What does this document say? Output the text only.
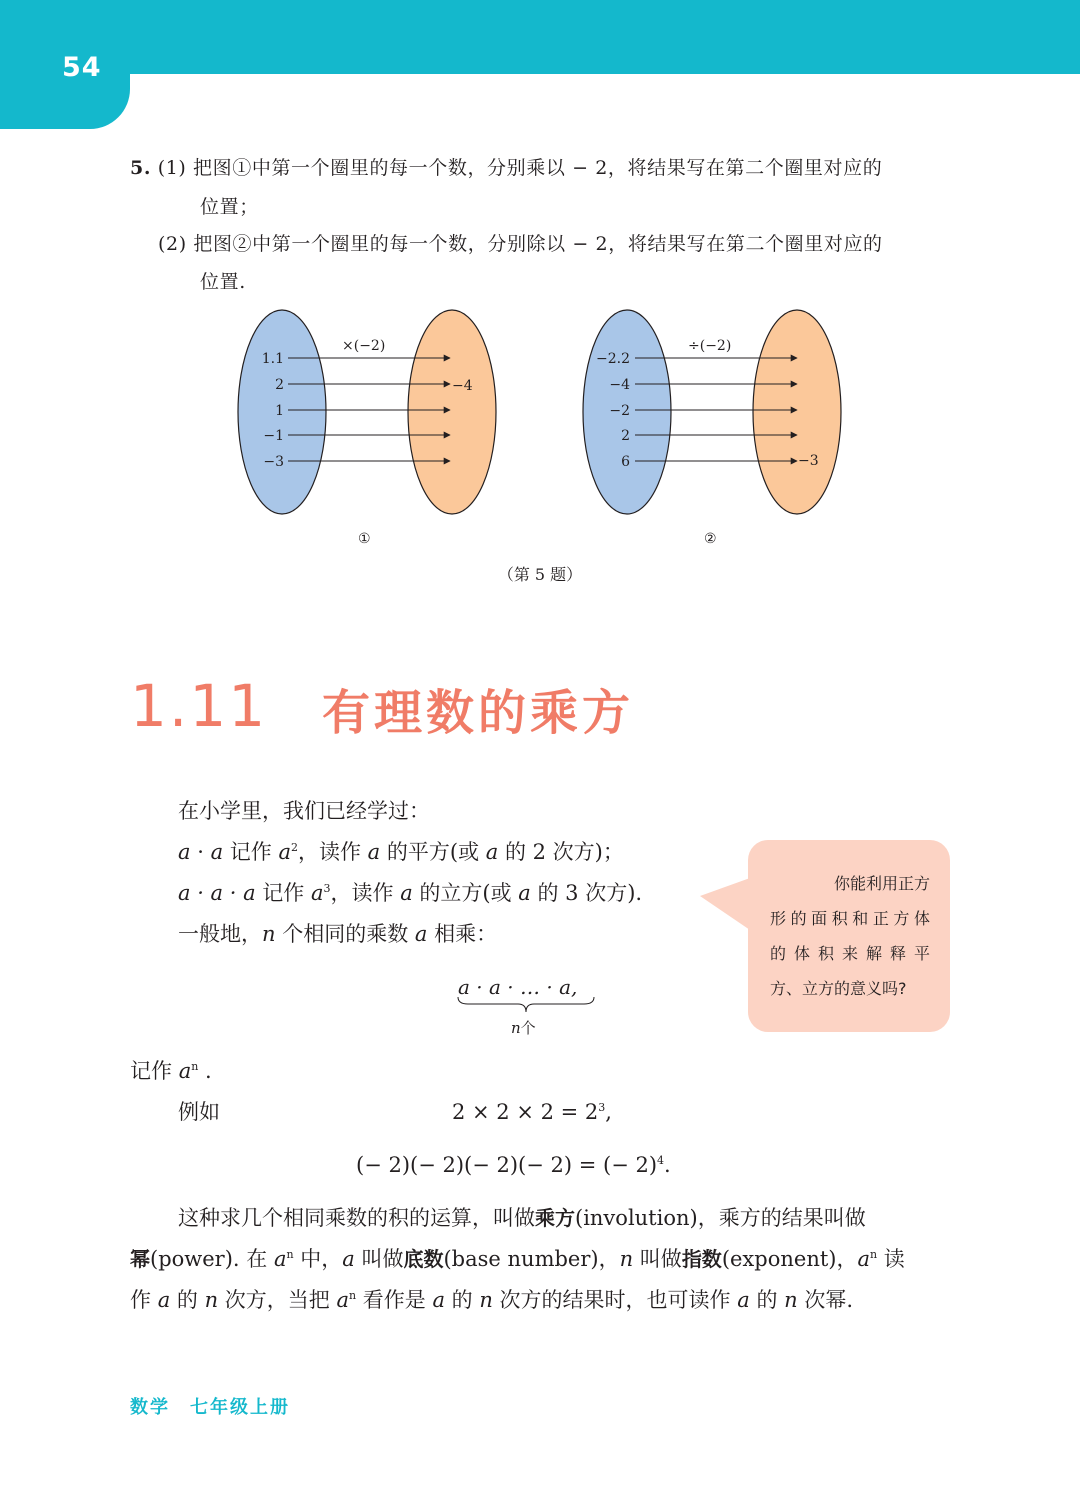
54
5. (1) 把图①中第一个圈里的每一个数，分别乘以 − 2，将结果写在第二个圈里对应的
位置；
(2) 把图②中第一个圈里的每一个数，分别除以 − 2，将结果写在第二个圈里对应的
位置.
×(−2)	÷(−2)
1.1
2
1
−1
−3
−2.2
−4
−2
2
6
−4
−3
①	②
（第 5 题）
1.11 有理数的乘方
在小学里，我们已经学过：
a · a 记作 $a^2$，读作 a 的平方(或 a 的 2 次方)；
a · a · a 记作 $a^3$，读作 a 的立方(或 a 的 3 次方).
一般地，n 个相同的乘数 a 相乘：
a · a · … · a,
n个
记作 $a^n$ .
例如	$2 \times 2 \times 2 = 2^3$,
(− 2)(− 2)(− 2)(− 2) = (− 2)$^4$.
这种求几个相同乘数的积的运算，叫做乘方(involution)，乘方的结果叫做
幂(power). 在 $a^n$ 中，a 叫做底数(base number)，n 叫做指数(exponent)，$a^n$ 读
作 a 的 n 次方，当把 $a^n$ 看作是 a 的 n 次方的结果时，也可读作 a 的 n 次幂.
你能利用正方
形的面积和正方体
的体积来解释平
方、立方的意义吗?
数学　七年级上册
